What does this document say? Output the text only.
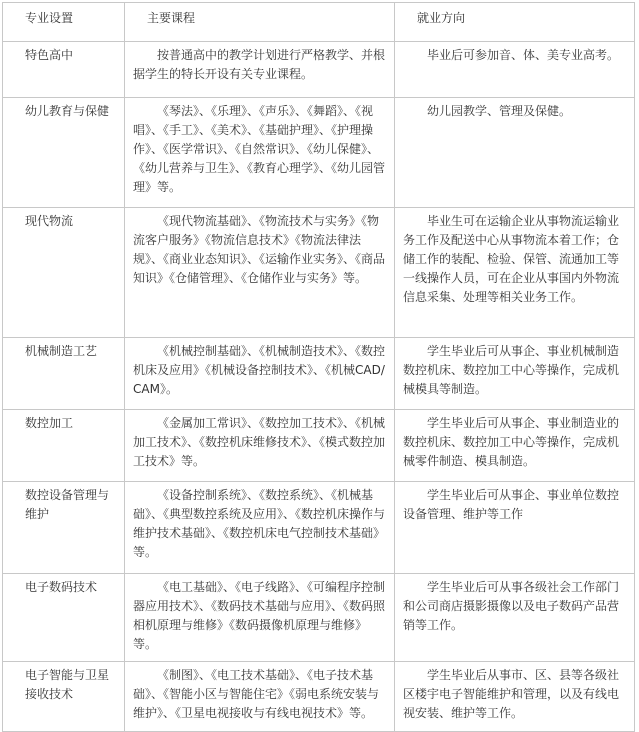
专业设置	主要课程	就业方向
特色高中	按普通高中的教学计划进行严格教学、并根据学生的特长开设有关专业课程。	毕业后可参加音、体、美专业高考。

幼儿教育与保健	《琴法》、《乐理》、《声乐》、《舞蹈》、《视唱》、《手工》、《美术》、《基础护理》、《护理操作》、《医学常识》、《自然常识》、《幼儿保健》、《幼儿营养与卫生》、《教育心理学》、《幼儿园管理》等。	幼儿园教学、管理及保健。

现代物流	《现代物流基础》、《物流技术与实务》《物流客户服务》《物流信息技术》《物流法律法规》、《商业业态知识》、《运输作业实务》、《商品知识》《仓储管理》、《仓储作业与实务》等。	毕业生可在运输企业从事物流运输业务工作及配送中心从事物流本着工作；仓储工作的装配、检验、保管、流通加工等一线操作人员，可在企业从事国内外物流信息采集、处理等相关业务工作。

机械制造工艺	《机械控制基础》、《机械制造技术》、《数控机床及应用》《机械设备控制技术》、《机械CAD/CAM》。	学生毕业后可从事企、事业机械制造数控机床、数控加工中心等操作，完成机械模具等制造。

数控加工	《金属加工常识》、《数控加工技术》、《机械加工技术》、《数控机床维修技术》、《模式数控加工技术》等。	学生毕业后可从事企、事业制造业的数控机床、数控加工中心等操作，完成机械零件制造、模具制造。

数控设备管理与维护	《设备控制系统》、《数控系统》、《机械基础》、《典型数控系统及应用》、《数控机床操作与维护技术基础》、《数控机床电气控制技术基础》等。	学生毕业后可从事企、事业单位数控设备管理、维护等工作

电子数码技术	《电工基础》、《电子线路》、《可编程序控制器应用技术》、《数码技术基础与应用》、《数码照相机原理与维修》《数码摄像机原理与维修》等。	学生毕业后可从事各级社会工作部门和公司商店摄影摄像以及电子数码产品营销等工作。

电子智能与卫星接收技术	《制图》、《电工技术基础》、《电子技术基础》、《智能小区与智能住宅》《弱电系统安装与维护》、《卫星电视接收与有线电视技术》等。	学生毕业后从事市、区、县等各级社区楼宇电子智能维护和管理，以及有线电视安装、维护等工作。
